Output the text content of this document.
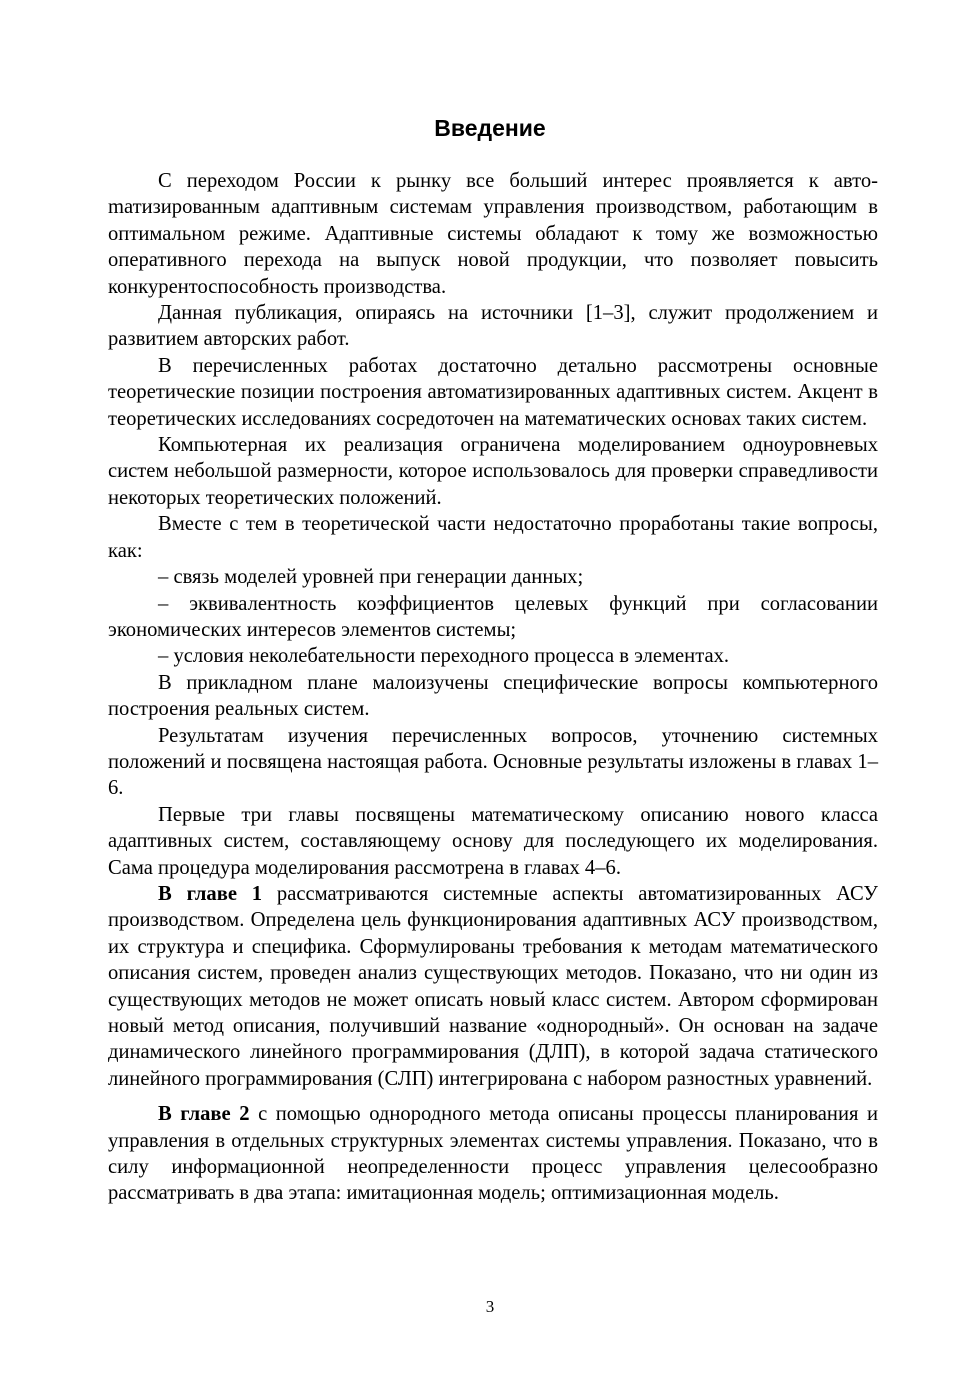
Введение

С переходом России к рынку все больший интерес проявляется к автоmатизированным адаптивным системам управления производством, работающим в оптимальном режиме. Адаптивные системы обладают к тому же возможностью оперативного перехода на выпуск новой продукции, что позволяет повысить конкурентоспособность производства.

Данная публикация, опираясь на источники [1–3], служит продолжением и развитием авторских работ.

В перечисленных работах достаточно детально рассмотрены основные теоретические позиции построения автоматизированных адаптивных систем. Акцент в теоретических исследованиях сосредоточен на математических основах таких систем.

Компьютерная их реализация ограничена моделированием одноуровневых систем небольшой размерности, которое использовалось для проверки справедливости некоторых теоретических положений.

Вместе с тем в теоретической части недостаточно проработаны такие вопросы, как:

– связь моделей уровней при генерации данных;

– эквивалентность коэффициентов целевых функций при согласовании экономических интересов элементов системы;

– условия неколебательности переходного процесса в элементах.

В прикладном плане малоизучены специфические вопросы компьютерного построения реальных систем.

Результатам изучения перечисленных вопросов, уточнению системных положений и посвящена настоящая работа. Основные результаты изложены в главах 1–6.

Первые три главы посвящены математическому описанию нового класса адаптивных систем, составляющему основу для последующего их моделирования. Сама процедура моделирования рассмотрена в главах 4–6.

В главе 1 рассматриваются системные аспекты автоматизированных АСУ производством. Определена цель функционирования адаптивных АСУ производством, их структура и специфика. Сформулированы требования к методам математического описания систем, проведен анализ существующих методов. Показано, что ни один из существующих методов не может описать новый класс систем. Автором сформирован новый метод описания, получивший название «однородный». Он основан на задаче динамического линейного программирования (ДЛП), в которой задача статического линейного программирования (СЛП) интегрирована с набором разностных уравнений.

В главе 2 с помощью однородного метода описаны процессы планирования и управления в отдельных структурных элементах системы управления. Показано, что в силу информационной неопределенности процесс управления целесообразно рассматривать в два этапа: имитационная модель; оптимизационная модель.

3
